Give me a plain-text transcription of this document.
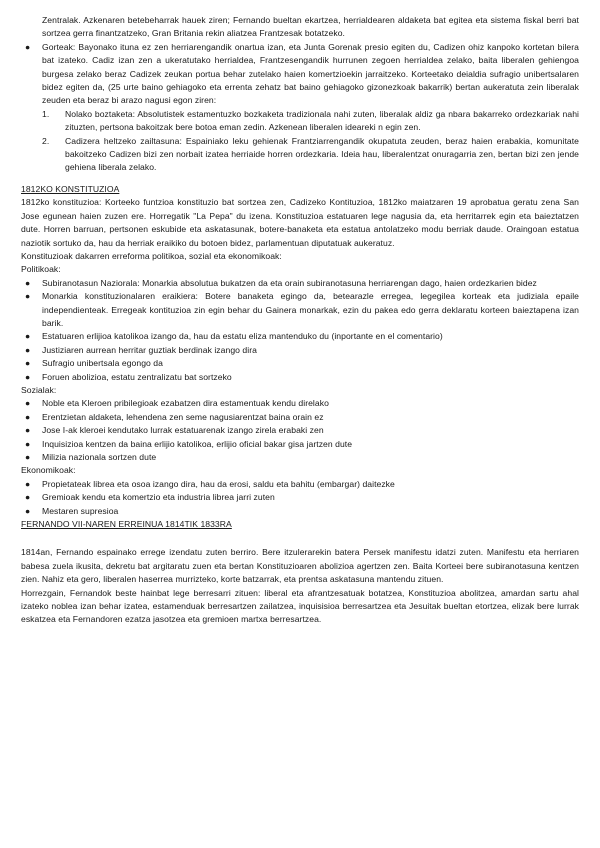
Zentralak. Azkenaren betebeharrak hauek ziren; Fernando bueltan ekartzea, herrialdearen aldaketa bat egitea eta sistema fiskal berri bat sortzea gerra finantzatzeko, Gran Britania rekin aliatzea Frantzesak botatzeko.

●	Gorteak: Bayonako ituna ez zen herriarengandik onartua izan, eta Junta Gorenak presio egiten du, Cadizen ohiz kanpoko kortetan bilera bat izateko. Cadiz izan zen a ukeratutako herrialdea, Frantzesengandik hurrunen zegoen herrialdea zelako, baita liberalen gehiengoa burgesa zelako beraz Cadizek zeukan portua behar zutelako haien komertzioekin jarraitzeko. Korteetako deialdia sufragio unibertsalaren bidez egiten da, (25 urte baino gehiagoko eta errenta zehatz bat baino gehiagoko gizonezkoak bakarrik) bertan aukeratuta zein liberalak zeuden eta beraz bi arazo nagusi egon ziren:
1.	Nolako boztaketa: Absolutistek estamentuzko bozkaketa tradizionala nahi zuten, liberalak aldiz ga nbara bakarreko ordezkariak nahi zituzten, pertsona bakoitzak bere botoa eman zedin. Azkenean liberalen ideareki n egin zen.
2.	Cadizera heltzeko zailtasuna: Espainiako leku gehienak Frantziarrengandik okupatuta zeuden, beraz haien erabakia, komunitate bakoitzeko Cadizen bizi zen norbait izatea herriaide horren ordezkaria. Ideia hau, liberalentzat onuragarria zen, bertan bizi zen jende gehiena liberala zelako.

1812KO KONSTITUZIOA

1812ko konstituzioa: Korteeko funtzioa konstituzio bat sortzea zen, Cadizeko Kontituzioa, 1812ko maiatzaren 19 aprobatua geratu zena San Jose egunean haien zuzen ere. Horregatik "La Pepa" du izena. Konstituzioa estatuaren lege nagusia da, eta herritarrek egin eta baieztatzen dute. Horren barruan, pertsonen eskubide eta askatasunak, botere-banaketa eta estatua antolatzeko modu berriak daude. Oraingoan estatua naziotik sortuko da, hau da herriak eraikiko du botoen bidez, parlamentuan diputatuak aukeratuz.

Konstituzioak dakarren erreforma politikoa, sozial eta ekonomikoak:

Politikoak:

●	Subiranotasun Naziorala: Monarkia absolutua bukatzen da eta orain subiranotasuna herriarengan dago, haien ordezkarien bidez
●	Monarkia konstituzionalaren eraikiera: Botere banaketa egingo da, betearazle erregea, legegilea korteak eta judiziala epaile independienteak. Erregeak kontituzioa zin egin behar du Gainera monarkak, ezin du pakea edo gerra deklaratu korteen baieztapena izan barik.
●	Estatuaren erlijioa katolikoa izango da, hau da estatu eliza mantenduko du (inportante en el comentario)
●	Justiziaren aurrean herritar guztiak berdinak izango dira
●	Sufragio unibertsala egongo da
●	Foruen abolizioa, estatu zentralizatu bat sortzeko

Sozialak:

●	Noble eta Kleroen pribilegioak ezabatzen dira estamentuak kendu direlako
●	Erentzietan aldaketa, lehendena zen seme nagusiarentzat baina orain ez
●	Jose I-ak kleroei kendutako lurrak estatuarenak izango zirela erabaki zen
●	Inquisizioa kentzen da baina erlijio katolikoa, erlijio oficial bakar gisa jartzen dute
●	Milizia nazionala sortzen dute

Ekonomikoak:

●	Propietateak librea eta osoa izango dira, hau da erosi, saldu eta bahitu (embargar) daitezke
●	Gremioak kendu eta komertzio eta industria librea jarri zuten
●	Mestaren supresioa

FERNANDO VII-NAREN ERREINUA 1814TIK 1833RA

1814an, Fernando espainako errege izendatu zuten berriro. Bere itzulerarekin batera Persek manifestu idatzi zuten. Manifestu eta herriaren babesa zuela ikusita, dekretu bat argitaratu zuen eta bertan Konstituzioaren abolizioa agertzen zen. Baita Korteei bere subiranotasuna kentzen zien. Nahiz eta gero, liberalen haserrea murrizteko, korte batzarrak, eta prentsa askatasuna mantendu zituen.

Horrezgain, Fernandok beste hainbat lege berresarri zituen: liberal eta afrantzesatuak botatzea, Konstituzioa abolitzea, amardan sartu ahal izateko noblea izan behar izatea, estamenduak berresartzen zailatzea, inquisisioa berresartzea eta Jesuitak bueltan etortzea, elizak bere lurrak eskatzea eta Fernandoren ezatza jasotzea eta gremioen martxa berresartzea.
